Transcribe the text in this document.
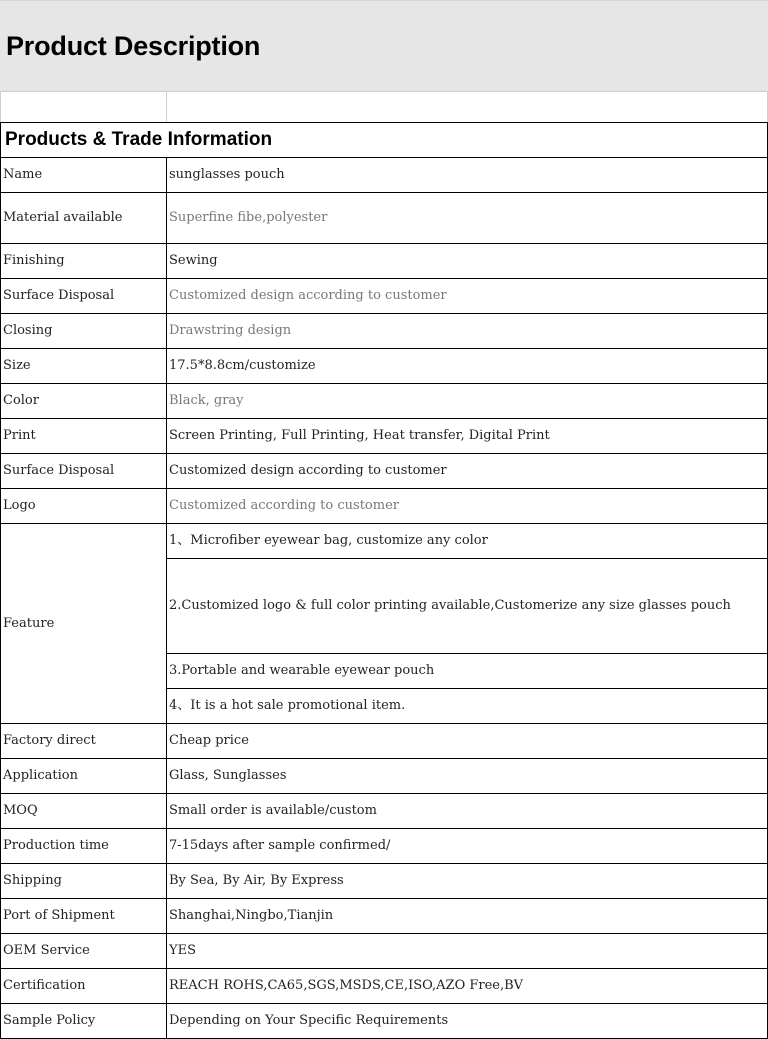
Product Description

Products & Trade Information	
Name	sunglasses pouch
Material available	Superfine fibe,polyester
Finishing	Sewing
Surface Disposal	Customized design according to customer
Closing	Drawstring design
Size	17.5*8.8cm/customize
Color	Black, gray
Print	Screen Printing, Full Printing, Heat transfer, Digital Print
Surface Disposal	Customized design according to customer
Logo	Customized according to customer
Feature	1、Microfiber eyewear bag, customize any color

	2.Customized logo & full color printing available,Customerize any size glasses pouch

	3.Portable and wearable eyewear pouch
	4、It is a hot sale promotional item.
Factory direct	Cheap price
Application	Glass, Sunglasses
MOQ	Small order is available/custom
Production time	7-15days after sample confirmed/
Shipping	By Sea, By Air, By Express
Port of Shipment	Shanghai,Ningbo,Tianjin
OEM Service	YES
Certification	REACH ROHS,CA65,SGS,MSDS,CE,ISO,AZO Free,BV
Sample Policy	Depending on Your Specific Requirements
